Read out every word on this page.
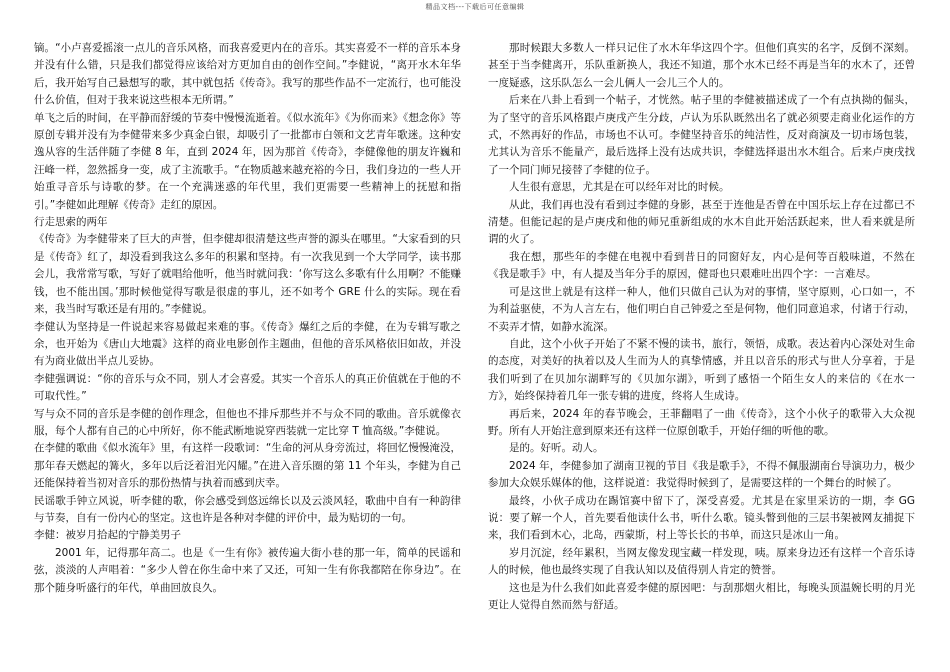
精品文档---下载后可任意编辑

镝。“小卢喜爱摇滚一点儿的音乐风格，而我喜爱更内在的音乐。其实喜爱不一样的音乐本身并没有什么错，只是我们都觉得应该给对方更加自由的创作空间。”李健说，“离开水木年华后，我开始写自己悬想写的歌，其中就包括《传奇》。我写的那些作品不一定流行，也可能没什么价值，但对于我来说这些根本无所谓。”

单飞之后的时间，在平静而舒缓的节奏中慢慢流逝着。《似水流年》《为你而来》《想念你》等原创专辑并没有为李健带来多少真金白银，却吸引了一批都市白领和文艺青年歌迷。这种安逸从容的生活伴随了李健 8 年，直到 2024 年，因为那首《传奇》，李健像他的朋友许巍和汪峰一样，忽然摇身一变，成了主流歌手。“在物质越来越充裕的今日，我们身边的一些人开始重寻音乐与诗歌的梦。在一个充满迷惑的年代里，我们更需要一些精神上的抚慰和指引。”李健如此理解《传奇》走红的原因。

行走思索的两年

《传奇》为李健带来了巨大的声誉，但李健却很清楚这些声誉的源头在哪里。“大家看到的只是《传奇》红了，却没看到我这么多年的积累和坚持。有一次我见到一个大学同学，读书那会儿，我常常写歌，写好了就唱给他听，他当时就问我：‘你写这么多歌有什么用啊？不能赚钱，也不能出国。’那时候他觉得写歌是很虚的事儿，还不如考个 GRE 什么的实际。现在看来，我当时写歌还是有用的。”李健说。

李健认为坚持是一件说起来容易做起来难的事。《传奇》爆红之后的李健，在为专辑写歌之余，也开始为《唐山大地震》这样的商业电影创作主题曲，但他的音乐风格依旧如故，并没有为商业做出半点儿妥协。

李健强调说：“你的音乐与众不同，别人才会喜爱。其实一个音乐人的真正价值就在于他的不可取代性。”

写与众不同的音乐是李健的创作理念，但他也不排斥那些并不与众不同的歌曲。音乐就像衣服，每个人都有自己的心中所好，你不能武断地说穿西装就一定比穿 T 恤高级。”李健说。

在李健的歌曲《似水流年》里，有这样一段歌词：“生命的河从身旁流过，将回忆慢慢淹没，那年春天燃起的篝火，多年以后泛着泪光闪耀。”在进入音乐圈的第 11 个年头，李健为自己还能保持着当初对音乐的那份热情与执着而感到庆幸。

民谣歌手钟立风说，听李健的歌，你会感受到悠远绵长以及云淡风轻，歌曲中自有一种韵律与节奏，自有一份内心的坚定。这也许是各种对李健的评价中，最为贴切的一句。

李健：被岁月拾起的宁静美男子

2001 年，记得那年高二。也是《一生有你》被传遍大街小巷的那一年，简单的民谣和弦，淡淡的人声唱着：“多少人曾在你生命中来了又还，可知一生有你我都陪在你身边”。在那个随身听盛行的年代，单曲回放良久。

那时候跟大多数人一样只记住了水木年华这四个字。但他们真实的名字，反倒不深刻。甚至于当李健离开，乐队重新换人，我还不知道，那个水木已经不再是当年的水木了，还曾一度疑惑，这乐队怎么一会儿俩人一会儿三个人的。

后来在八卦上看到一个帖子，才恍然。帖子里的李健被描述成了一个有点执拗的倔头，为了坚守的音乐风格跟卢庚戌产生分歧，卢认为乐队既然出名了就必须要走商业化运作的方式，不然再好的作品，市场也不认可。李健坚持音乐的纯洁性，反对商演及一切市场包装，尤其认为音乐不能量产，最后选择上没有达成共识，李健选择退出水木组合。后来卢庚戌找了一个同门师兄接替了李健的位子。

人生很有意思，尤其是在可以经年对比的时候。

从此，我们再也没有看到过李健的身影，甚至于连他是否曾在中国乐坛上存在过都已不清楚。但能记起的是卢庚戌和他的师兄重新组成的水木自此开始活跃起来，世人看来就是所谓的火了。

我在想，那些年的李健在电视中看到昔日的同窗好友，内心是何等百般味道，不然在《我是歌手》中，有人提及当年分手的原因，健哥也只艰难吐出四个字：一言难尽。

可是这世上就是有这样一种人，他们只做自己认为对的事情，坚守原则，心口如一，不为利益驱使，不为人言左右，他们明白自己钟爱之至是何物，他们同意追求，付诸于行动，不卖弄才情，如静水流深。

自此，这个小伙子开始了不紧不慢的读书，旅行，领悟，成歌。表达着内心深处对生命的态度，对美好的执着以及人生而为人的真挚情感，并且以音乐的形式与世人分享着，于是我们听到了在贝加尔湖畔写的《贝加尔湖》，听到了感悟一个陌生女人的来信的《在水一方》，始终保持着几年一张专辑的进度，终将人生成诗。

再后来，2024 年的春节晚会，王菲翻唱了一曲《传奇》，这个小伙子的歌带入大众视野。所有人开始注意到原来还有这样一位原创歌手，开始仔细的听他的歌。

是的。好听。动人。

2024 年，李健参加了湖南卫视的节目《我是歌手》，不得不佩服湖南台导演功力，极少参加大众娱乐媒体的他，这样说道：我觉得时候到了，是需要这样的一个舞台的时候了。

最终，小伙子成功在踢馆赛中留下了，深受喜爱。尤其是在家里采访的一期，李 GG 说：要了解一个人，首先要看他读什么书，听什么歌。镜头瞥到他的三层书架被网友捕捉下来，我们看到木心，北岛，西蒙斯，村上等长长的书单，而这只是冰山一角。

岁月沉淀，经年累积，当网友像发现宝藏一样发现，咦。原来身边还有这样一个音乐诗人的时候，他也最终实现了自我认知以及值得别人肯定的赞誉。

这也是为什么我们如此喜爱李健的原因吧：与刮那烟火相比，每晚头顶温婉长明的月光更让人觉得自然而然与舒适。
